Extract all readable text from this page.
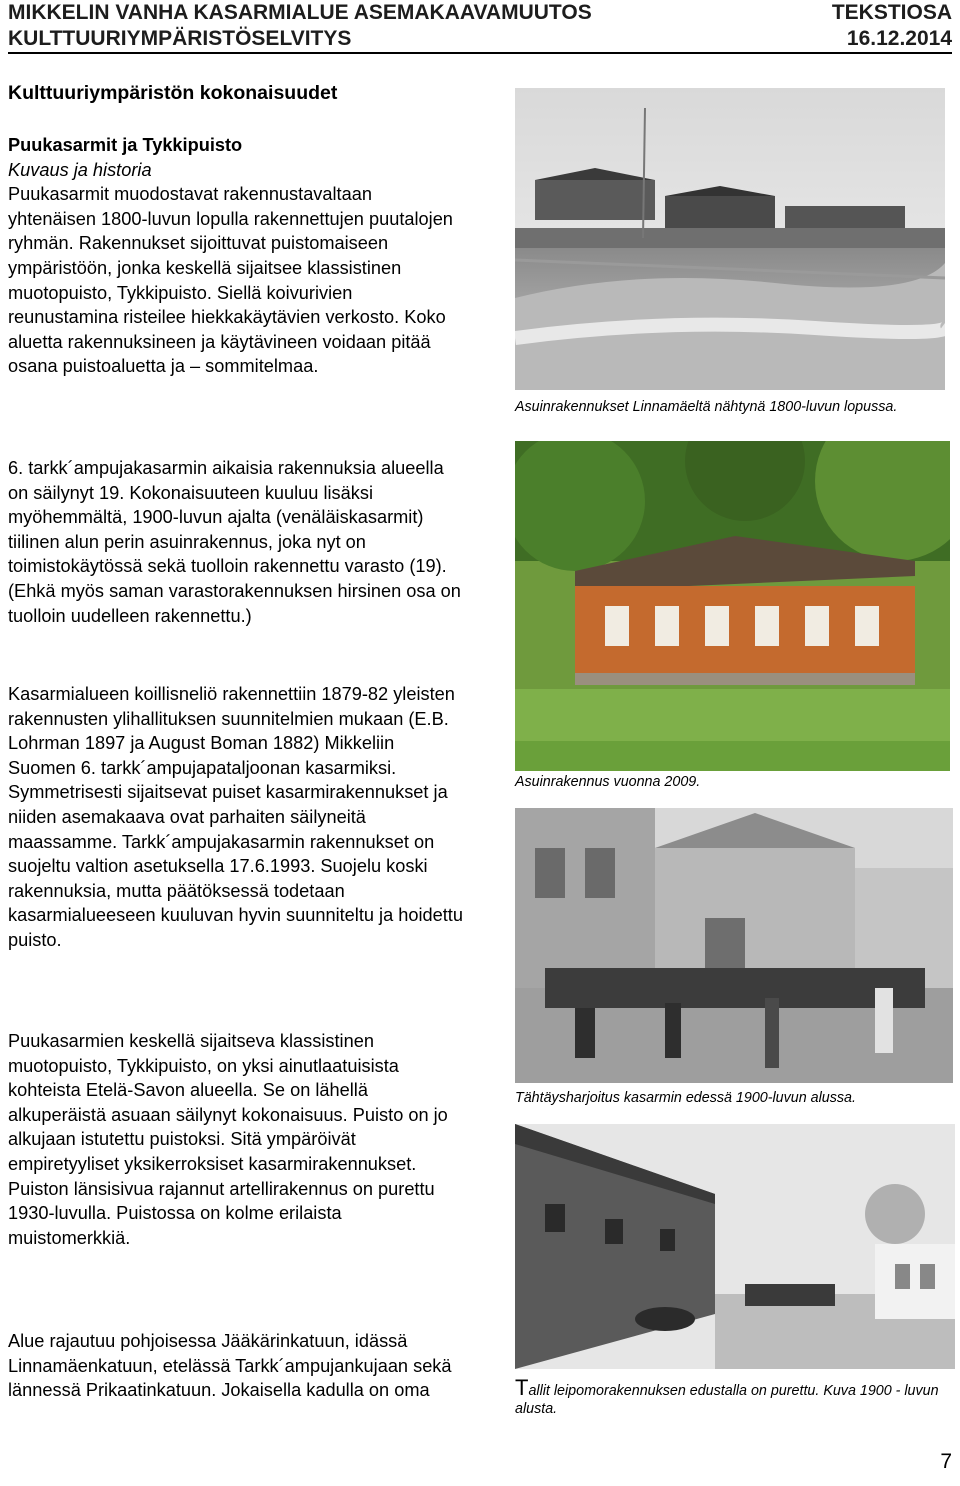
MIKKELIN VANHA KASARMIALUE ASEMAKAAVAMUUTOS	TEKSTIOSA
KULTTUURIYMPÄRISTÖSELVITYS	16.12.2014
Kulttuuriympäristön kokonaisuudet

Puukasarmit ja Tykkipuisto

Kuvaus ja historia

Puukasarmit muodostavat rakennustavaltaan yhtenäisen 1800-luvun lopulla rakennettujen puutalojen ryhmän. Rakennukset sijoittuvat puistomaiseen ympäristöön, jonka keskellä sijaitsee klassistinen muotopuisto, Tykkipuisto. Siellä koivurivien reunustamina risteilee hiekkakäytävien verkosto. Koko aluetta rakennuksineen ja käytävineen voidaan pitää osana puistoaluetta ja – sommitelmaa.

6. tarkk´ampujakasarmin aikaisia rakennuksia alueella on säilynyt 19. Kokonaisuuteen kuuluu lisäksi myöhemmältä, 1900-luvun ajalta (venäläiskasarmit) tiilinen alun perin asuinrakennus, joka nyt on toimistokäytössä sekä tuolloin rakennettu varasto (19). (Ehkä myös saman varastorakennuksen hirsinen osa on tuolloin uudelleen rakennettu.)

Kasarmialueen koillisneliö rakennettiin 1879-82 yleisten rakennusten ylihallituksen suunnitelmien mukaan (E.B. Lohrman 1897 ja August Boman 1882) Mikkeliin Suomen 6. tarkk´ampujapataljoonan kasarmiksi. Symmetrisesti sijaitsevat puiset kasarmirakennukset ja niiden asemakaava ovat parhaiten säilyneitä maassamme. Tarkk´ampujakasarmin rakennukset on suojeltu valtion asetuksella 17.6.1993. Suojelu koski rakennuksia, mutta päätöksessä todetaan kasarmialueeseen kuuluvan hyvin suunniteltu ja hoidettu puisto.

Puukasarmien keskellä sijaitseva klassistinen muotopuisto, Tykkipuisto, on yksi ainutlaatuisista kohteista Etelä-Savon alueella. Se on lähellä alkuperäistä asuaan säilynyt kokonaisuus. Puisto on jo alkujaan istutettu puistoksi. Sitä ympäröivät empiretyyliset yksikerroksiset kasarmirakennukset. Puiston länsisivua rajannut artellirakennus on purettu 1930-luvulla. Puistossa on kolme erilaista muistomerkkiä.

Alue rajautuu pohjoisessa Jääkärinkatuun, idässä Linnamäenkatuun, etelässä Tarkk´ampujankujaan sekä lännessä Prikaatinkatuun. Jokaisella kadulla on oma

Asuinrakennukset Linnamäeltä nähtynä 1800-luvun lopussa.
Asuinrakennus vuonna 2009.
Tähtäysharjoitus kasarmin edessä 1900-luvun alussa.
Tallit leipomorakennuksen edustalla on purettu. Kuva 1900 - luvun alusta.
7
